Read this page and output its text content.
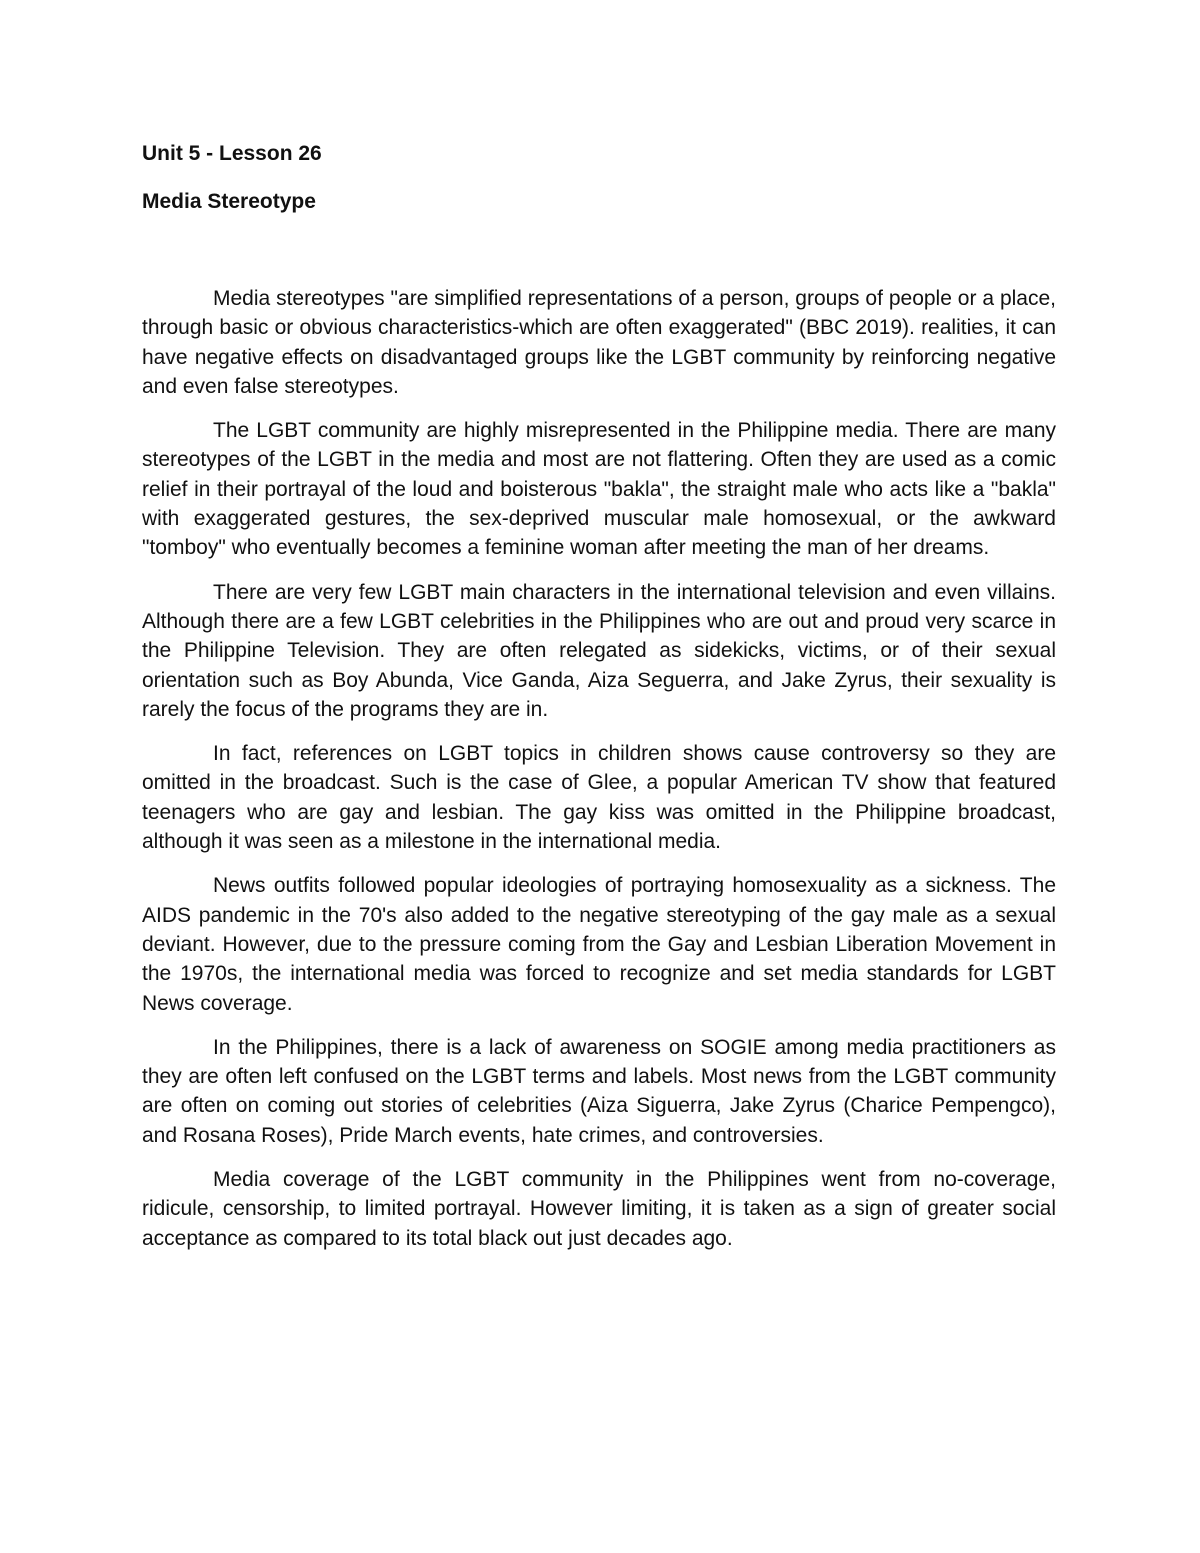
Unit 5 - Lesson 26
Media Stereotype

Media stereotypes "are simplified representations of a person, groups of people or a place, through basic or obvious characteristics-which are often exaggerated" (BBC 2019). realities, it can have negative effects on disadvantaged groups like the LGBT community by reinforcing negative and even false stereotypes.

The LGBT community are highly misrepresented in the Philippine media. There are many stereotypes of the LGBT in the media and most are not flattering. Often they are used as a comic relief in their portrayal of the loud and boisterous "bakla", the straight male who acts like a "bakla" with exaggerated gestures, the sex-deprived muscular male homosexual, or the awkward "tomboy" who eventually becomes a feminine woman after meeting the man of her dreams.

There are very few LGBT main characters in the international television and even villains. Although there are a few LGBT celebrities in the Philippines who are out and proud very scarce in the Philippine Television. They are often relegated as sidekicks, victims, or of their sexual orientation such as Boy Abunda, Vice Ganda, Aiza Seguerra, and Jake Zyrus, their sexuality is rarely the focus of the programs they are in.

In fact, references on LGBT topics in children shows cause controversy so they are omitted in the broadcast. Such is the case of Glee, a popular American TV show that featured teenagers who are gay and lesbian. The gay kiss was omitted in the Philippine broadcast, although it was seen as a milestone in the international media.

News outfits followed popular ideologies of portraying homosexuality as a sickness. The AIDS pandemic in the 70's also added to the negative stereotyping of the gay male as a sexual deviant. However, due to the pressure coming from the Gay and Lesbian Liberation Movement in the 1970s, the international media was forced to recognize and set media standards for LGBT News coverage.

In the Philippines, there is a lack of awareness on SOGIE among media practitioners as they are often left confused on the LGBT terms and labels. Most news from the LGBT community are often on coming out stories of celebrities (Aiza Siguerra, Jake Zyrus (Charice Pempengco), and Rosana Roses), Pride March events, hate crimes, and controversies.

Media coverage of the LGBT community in the Philippines went from no-coverage, ridicule, censorship, to limited portrayal. However limiting, it is taken as a sign of greater social acceptance as compared to its total black out just decades ago.
